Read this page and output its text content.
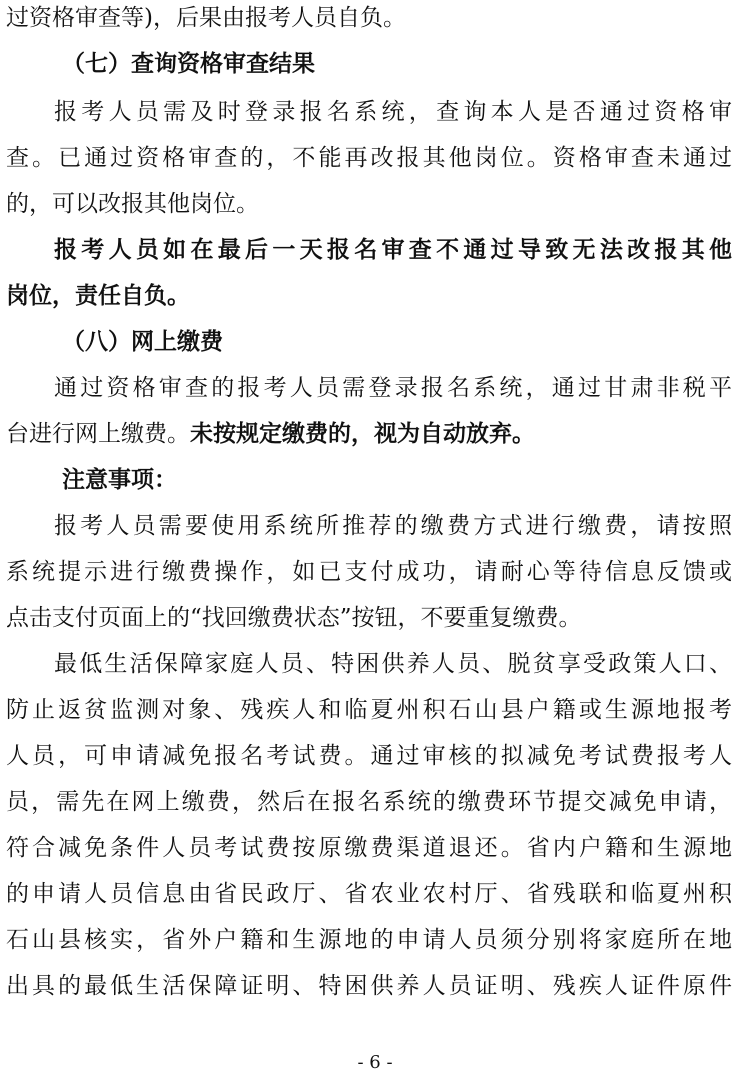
过资格审查等)，后果由报考人员自负。
（七）查询资格审查结果
报考人员需及时登录报名系统，查询本人是否通过资格审
查。已通过资格审查的，不能再改报其他岗位。资格审查未通过
的，可以改报其他岗位。
报考人员如在最后一天报名审查不通过导致无法改报其他
岗位，责任自负。
（八）网上缴费
通过资格审查的报考人员需登录报名系统，通过甘肃非税平
台进行网上缴费。未按规定缴费的，视为自动放弃。
注意事项：
报考人员需要使用系统所推荐的缴费方式进行缴费，请按照
系统提示进行缴费操作，如已支付成功，请耐心等待信息反馈或
点击支付页面上的“找回缴费状态”按钮，不要重复缴费。
最低生活保障家庭人员、特困供养人员、脱贫享受政策人口、
防止返贫监测对象、残疾人和临夏州积石山县户籍或生源地报考
人员，可申请减免报名考试费。通过审核的拟减免考试费报考人
员，需先在网上缴费，然后在报名系统的缴费环节提交减免申请，
符合减免条件人员考试费按原缴费渠道退还。省内户籍和生源地
的申请人员信息由省民政厅、省农业农村厅、省残联和临夏州积
石山县核实，省外户籍和生源地的申请人员须分别将家庭所在地
出具的最低生活保障证明、特困供养人员证明、残疾人证件原件
- 6 -
